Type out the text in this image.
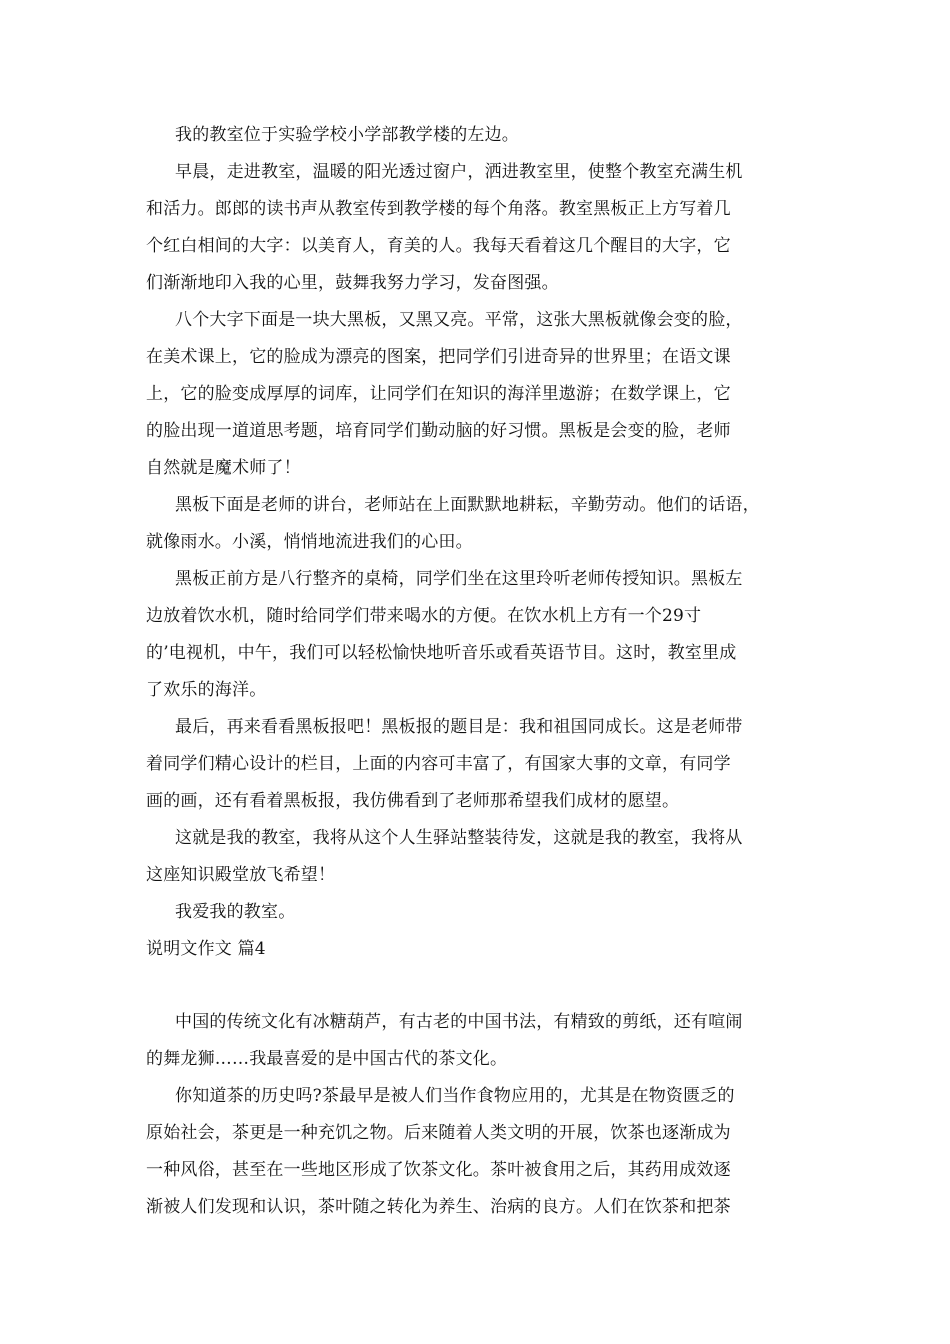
我的教室位于实验学校小学部教学楼的左边。
早晨，走进教室，温暖的阳光透过窗户，洒进教室里，使整个教室充满生机
和活力。郎郎的读书声从教室传到教学楼的每个角落。教室黑板正上方写着几
个红白相间的大字：以美育人，育美的人。我每天看着这几个醒目的大字，它
们渐渐地印入我的心里，鼓舞我努力学习，发奋图强。
八个大字下面是一块大黑板，又黑又亮。平常，这张大黑板就像会变的脸，
在美术课上，它的脸成为漂亮的图案，把同学们引进奇异的世界里；在语文课
上，它的脸变成厚厚的词库，让同学们在知识的海洋里遨游；在数学课上，它
的脸出现一道道思考题，培育同学们勤动脑的好习惯。黑板是会变的脸，老师
自然就是魔术师了！
黑板下面是老师的讲台，老师站在上面默默地耕耘，辛勤劳动。他们的话语，
就像雨水。小溪，悄悄地流进我们的心田。
黑板正前方是八行整齐的桌椅，同学们坐在这里玲听老师传授知识。黑板左
边放着饮水机，随时给同学们带来喝水的方便。在饮水机上方有一个29寸
的’电视机，中午，我们可以轻松愉快地听音乐或看英语节目。这时，教室里成
了欢乐的海洋。
最后，再来看看黑板报吧！黑板报的题目是：我和祖国同成长。这是老师带
着同学们精心设计的栏目，上面的内容可丰富了，有国家大事的文章，有同学
画的画，还有看着黑板报，我仿佛看到了老师那希望我们成材的愿望。
这就是我的教室，我将从这个人生驿站整装待发，这就是我的教室，我将从
这座知识殿堂放飞希望！
我爱我的教室。
说明文作文 篇4
中国的传统文化有冰糖葫芦，有古老的中国书法，有精致的剪纸，还有喧闹
的舞龙狮……我最喜爱的是中国古代的茶文化。
你知道茶的历史吗?茶最早是被人们当作食物应用的，尤其是在物资匮乏的
原始社会，茶更是一种充饥之物。后来随着人类文明的开展，饮茶也逐渐成为
一种风俗，甚至在一些地区形成了饮茶文化。茶叶被食用之后，其药用成效逐
渐被人们发现和认识，茶叶随之转化为养生、治病的良方。人们在饮茶和把茶
